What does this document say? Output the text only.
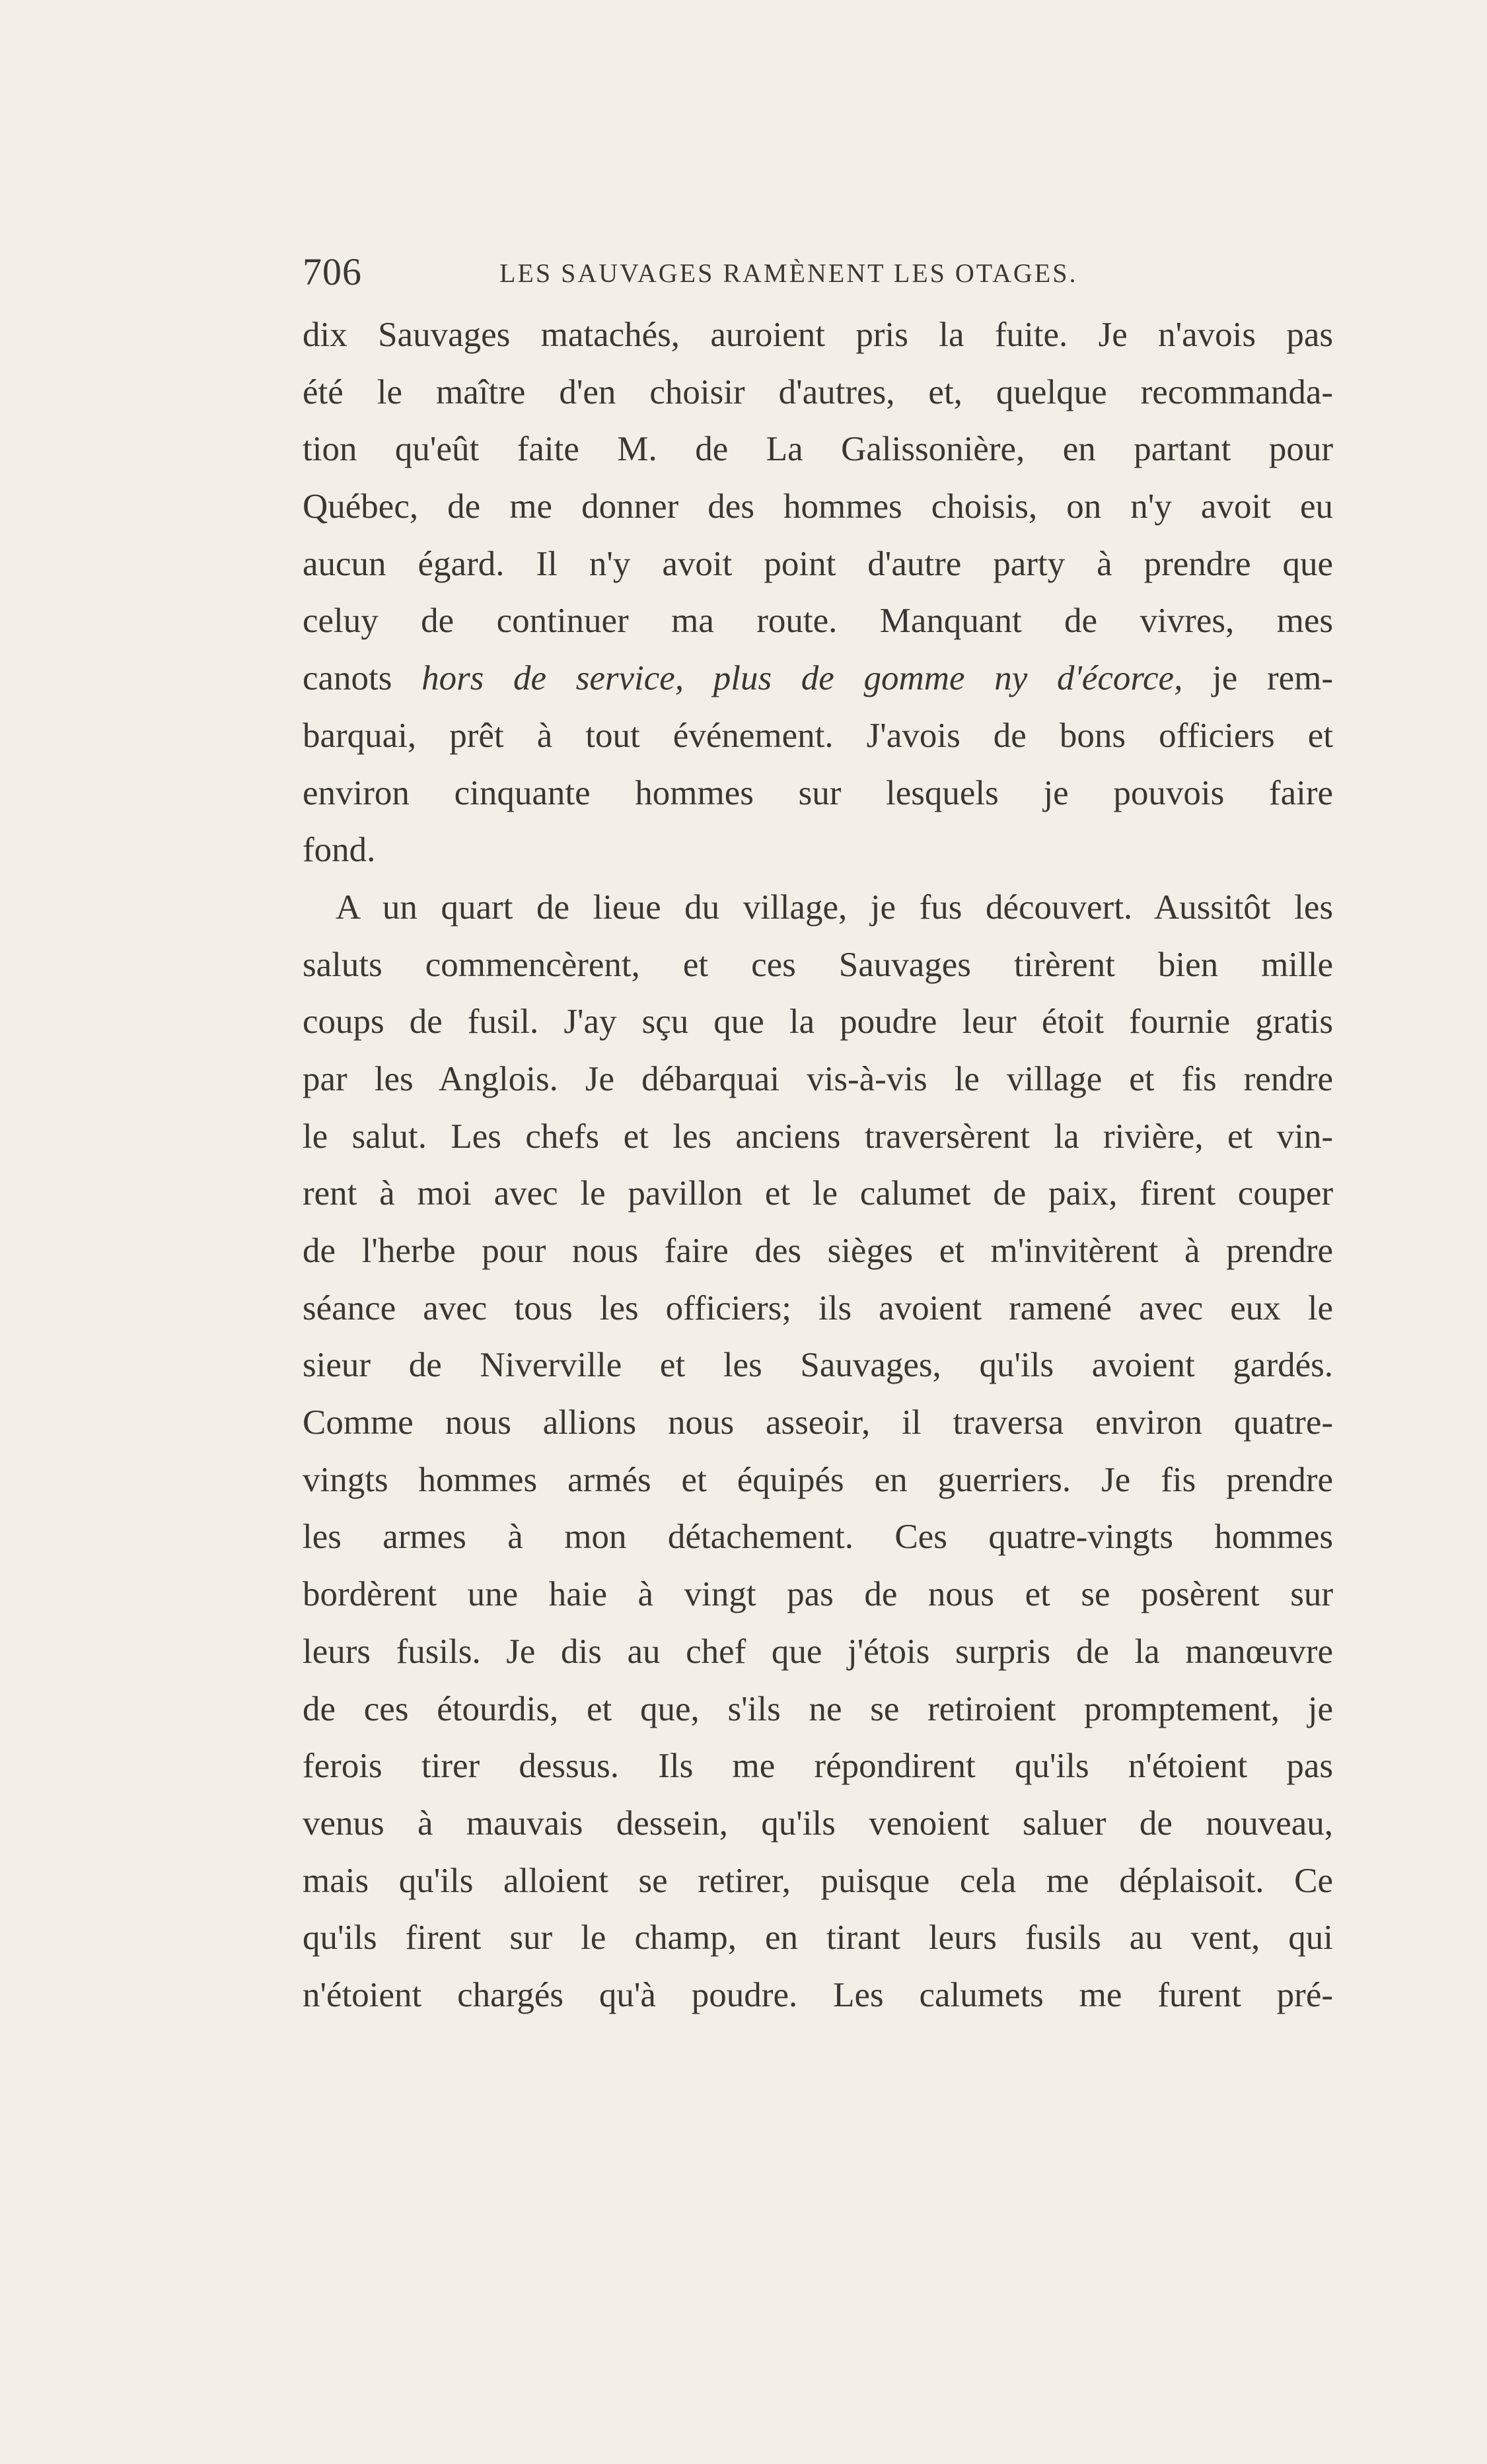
706	LES SAUVAGES RAMÈNENT LES OTAGES.
dix Sauvages matachés, auroient pris la fuite. Je n'avois pas
été le maître d'en choisir d'autres, et, quelque recommanda-
tion qu'eût faite M. de La Galissonière, en partant pour
Québec, de me donner des hommes choisis, on n'y avoit eu
aucun égard. Il n'y avoit point d'autre party à prendre que
celuy de continuer ma route. Manquant de vivres, mes
canots hors de service, plus de gomme ny d'écorce, je rem-
barquai, prêt à tout événement. J'avois de bons officiers et
environ cinquante hommes sur lesquels je pouvois faire
fond.
A un quart de lieue du village, je fus découvert. Aussitôt les
saluts commencèrent, et ces Sauvages tirèrent bien mille
coups de fusil. J'ay sçu que la poudre leur étoit fournie gratis
par les Anglois. Je débarquai vis-à-vis le village et fis rendre
le salut. Les chefs et les anciens traversèrent la rivière, et vin-
rent à moi avec le pavillon et le calumet de paix, firent couper
de l'herbe pour nous faire des sièges et m'invitèrent à prendre
séance avec tous les officiers; ils avoient ramené avec eux le
sieur de Niverville et les Sauvages, qu'ils avoient gardés.
Comme nous allions nous asseoir, il traversa environ quatre-
vingts hommes armés et équipés en guerriers. Je fis prendre
les armes à mon détachement. Ces quatre-vingts hommes
bordèrent une haie à vingt pas de nous et se posèrent sur
leurs fusils. Je dis au chef que j'étois surpris de la manœuvre
de ces étourdis, et que, s'ils ne se retiroient promptement, je
ferois tirer dessus. Ils me répondirent qu'ils n'étoient pas
venus à mauvais dessein, qu'ils venoient saluer de nouveau,
mais qu'ils alloient se retirer, puisque cela me déplaisoit. Ce
qu'ils firent sur le champ, en tirant leurs fusils au vent, qui
n'étoient chargés qu'à poudre. Les calumets me furent pré-
